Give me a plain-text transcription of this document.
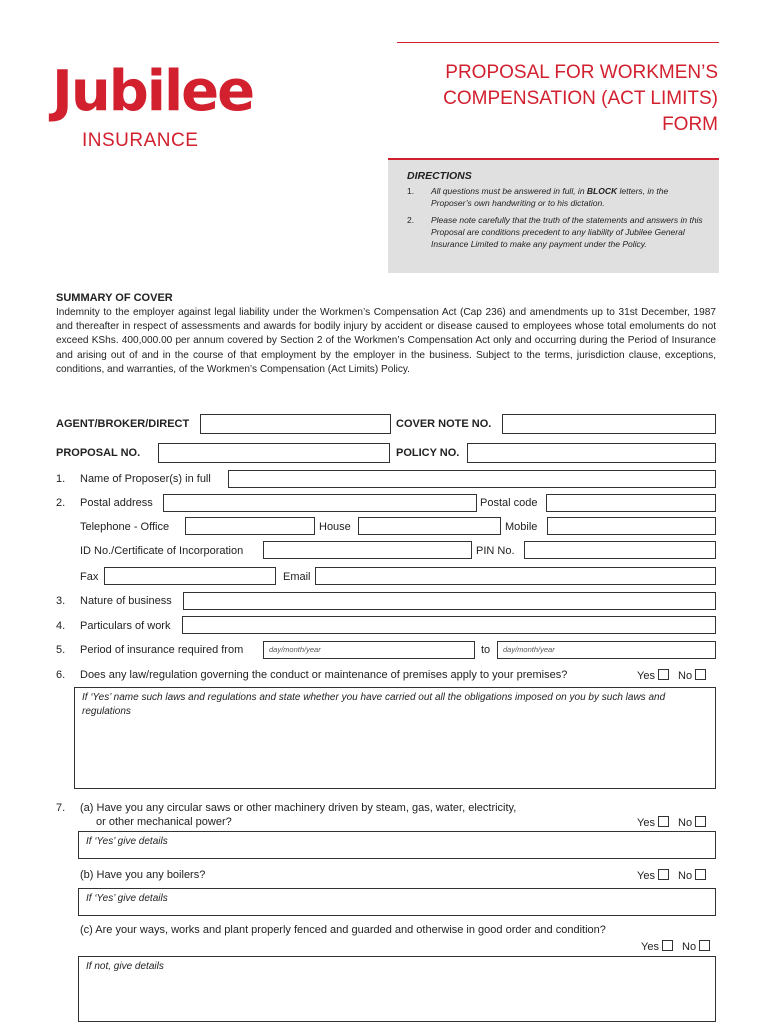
Jubilee
INSURANCE
PROPOSAL FOR WORKMEN’S
COMPENSATION (ACT LIMITS)
FORM
DIRECTIONS
1.	All questions must be answered in full, in BLOCK letters, in the Proposer’s own handwriting or to his dictation.
2.	Please note carefully that the truth of the statements and answers in this Proposal are conditions precedent to any liability of Jubilee General Insurance Limited to make any payment under the Policy.
SUMMARY OF COVER
Indemnity to the employer against legal liability under the Workmen’s Compensation Act (Cap 236) and amendments up to 31st December, 1987 and thereafter in respect of assessments and awards for bodily injury by accident or disease caused to employees whose total emoluments do not exceed KShs. 400,000.00 per annum covered by Section 2 of the Workmen’s Compensation Act only and occurring during the Period of Insurance and arising out of and in the course of that employment by the employer in the business. Subject to the terms, jurisdiction clause, exceptions, conditions, and warranties, of the Workmen’s Compensation (Act Limits) Policy.
AGENT/BROKER/DIRECT	COVER NOTE NO.
PROPOSAL NO.	POLICY NO.
1.	Name of Proposer(s) in full
2.	Postal address	Postal code
Telephone - Office	House	Mobile
ID No./Certificate of Incorporation	PIN No.
Fax	Email
3.	Nature of business
4.	Particulars of work
5.	Period of insurance required from	day/month/year	to	day/month/year
6.	Does any law/regulation governing the conduct or maintenance of premises apply to your premises?	Yes No
If ‘Yes’ name such laws and regulations and state whether you have carried out all the obligations imposed on you by such laws and regulations
7.	(a) Have you any circular saws or other machinery driven by steam, gas, water, electricity,
or other mechanical power?	Yes No
If ‘Yes’ give details
(b) Have you any boilers?	Yes No
If ‘Yes’ give details
(c) Are your ways, works and plant properly fenced and guarded and otherwise in good order and condition?
Yes No
If not, give details
